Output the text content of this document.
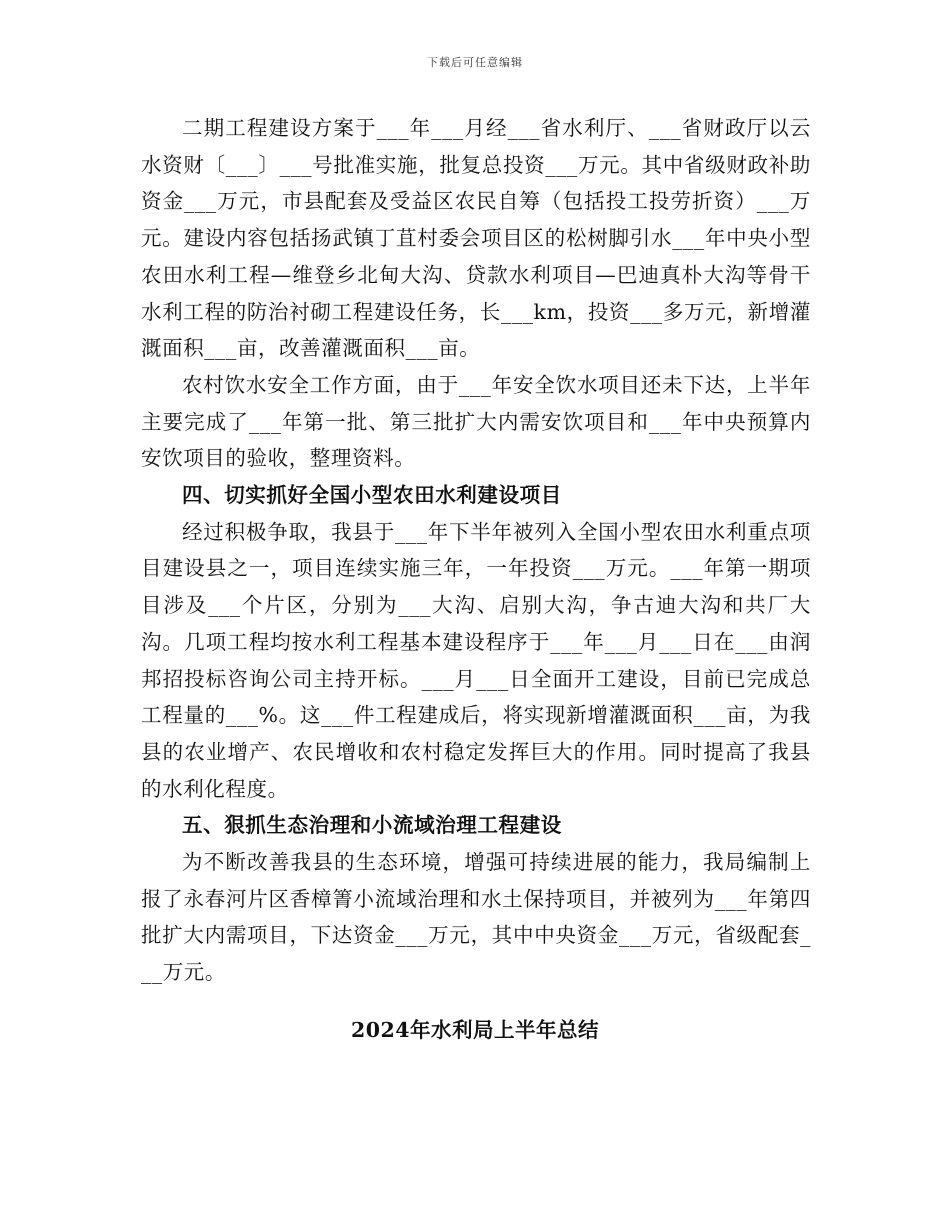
下载后可任意编辑

二期工程建设方案于___年___月经___省水利厅、___省财政厅以云水资财〔___〕___号批准实施，批复总投资___万元。其中省级财政补助资金___万元，市县配套及受益区农民自筹（包括投工投劳折资）___万元。建设内容包括扬武镇丁苴村委会项目区的松树脚引水___年中央小型农田水利工程—维登乡北甸大沟、贷款水利项目—巴迪真朴大沟等骨干水利工程的防治衬砌工程建设任务，长___km，投资___多万元，新增灌溉面积___亩，改善灌溉面积___亩。

农村饮水安全工作方面，由于___年安全饮水项目还未下达，上半年主要完成了___年第一批、第三批扩大内需安饮项目和___年中央预算内安饮项目的验收，整理资料。

四、切实抓好全国小型农田水利建设项目

经过积极争取，我县于___年下半年被列入全国小型农田水利重点项目建设县之一，项目连续实施三年，一年投资___万元。___年第一期项目涉及___个片区，分别为___大沟、启别大沟，争古迪大沟和共厂大沟。几项工程均按水利工程基本建设程序于___年___月___日在___由润邦招投标咨询公司主持开标。___月___日全面开工建设，目前已完成总工程量的___%。这___件工程建成后，将实现新增灌溉面积___亩，为我县的农业增产、农民增收和农村稳定发挥巨大的作用。同时提高了我县的水利化程度。

五、狠抓生态治理和小流域治理工程建设

为不断改善我县的生态环境，增强可持续进展的能力，我局编制上报了永春河片区香樟箐小流域治理和水土保持项目，并被列为___年第四批扩大内需项目，下达资金___万元，其中中央资金___万元，省级配套___万元。

2024年水利局上半年总结
